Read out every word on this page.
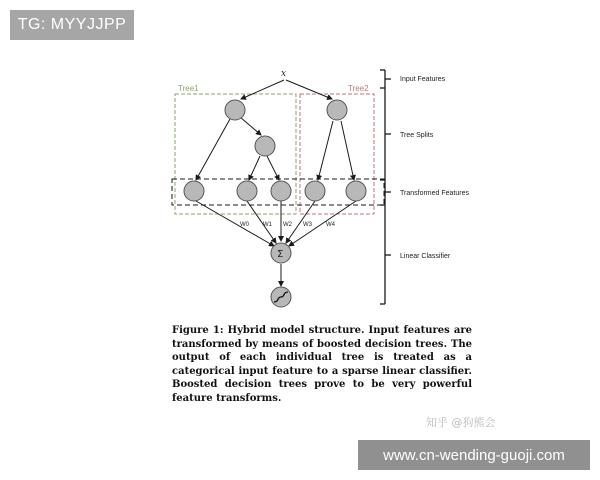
TG: MYYJJPP
Tree1	Tree2
x
Σ
W0 W1 W2 W3 W4
Input Features
Tree Splits
Transformed Features
Linear Classifier
Figure 1: Hybrid model structure. Input features are transformed by means of boosted decision trees. The output of each individual tree is treated as a categorical input feature to a sparse linear classifier. Boosted decision trees prove to be very powerful feature transforms.
知乎 @狗熊会
www.cn-wending-guoji.com
